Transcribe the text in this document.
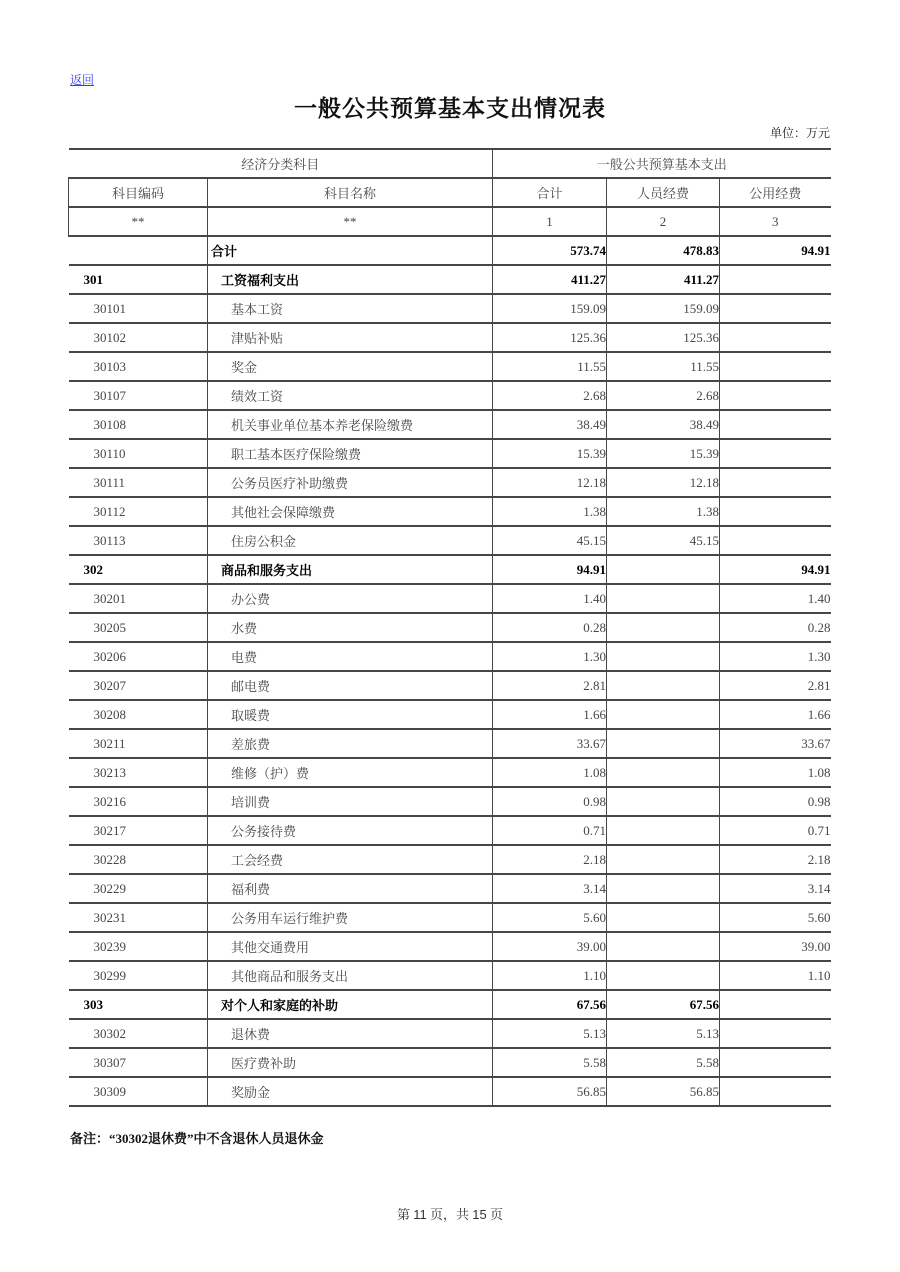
返回
一般公共预算基本支出情况表
单位：万元
经济分类科目		一般公共预算基本支出		
科目编码	科目名称	合计	人员经费	公用经费
**	**	1	2	3
	合计	573.74	478.83	94.91
301	工资福利支出	411.27	411.27	
30101	基本工资	159.09	159.09	
30102	津贴补贴	125.36	125.36	
30103	奖金	11.55	11.55	
30107	绩效工资	2.68	2.68	
30108	机关事业单位基本养老保险缴费	38.49	38.49	
30110	职工基本医疗保险缴费	15.39	15.39	
30111	公务员医疗补助缴费	12.18	12.18	
30112	其他社会保障缴费	1.38	1.38	
30113	住房公积金	45.15	45.15	
302	商品和服务支出	94.91		94.91
30201	办公费	1.40		1.40
30205	水费	0.28		0.28
30206	电费	1.30		1.30
30207	邮电费	2.81		2.81
30208	取暖费	1.66		1.66
30211	差旅费	33.67		33.67
30213	维修（护）费	1.08		1.08
30216	培训费	0.98		0.98
30217	公务接待费	0.71		0.71
30228	工会经费	2.18		2.18
30229	福利费	3.14		3.14
30231	公务用车运行维护费	5.60		5.60
30239	其他交通费用	39.00		39.00
30299	其他商品和服务支出	1.10		1.10
303	对个人和家庭的补助	67.56	67.56	
30302	退休费	5.13	5.13	
30307	医疗费补助	5.58	5.58	
30309	奖励金	56.85	56.85	
备注：“30302退休费”中不含退休人员退休金
第 11 页，共 15 页
